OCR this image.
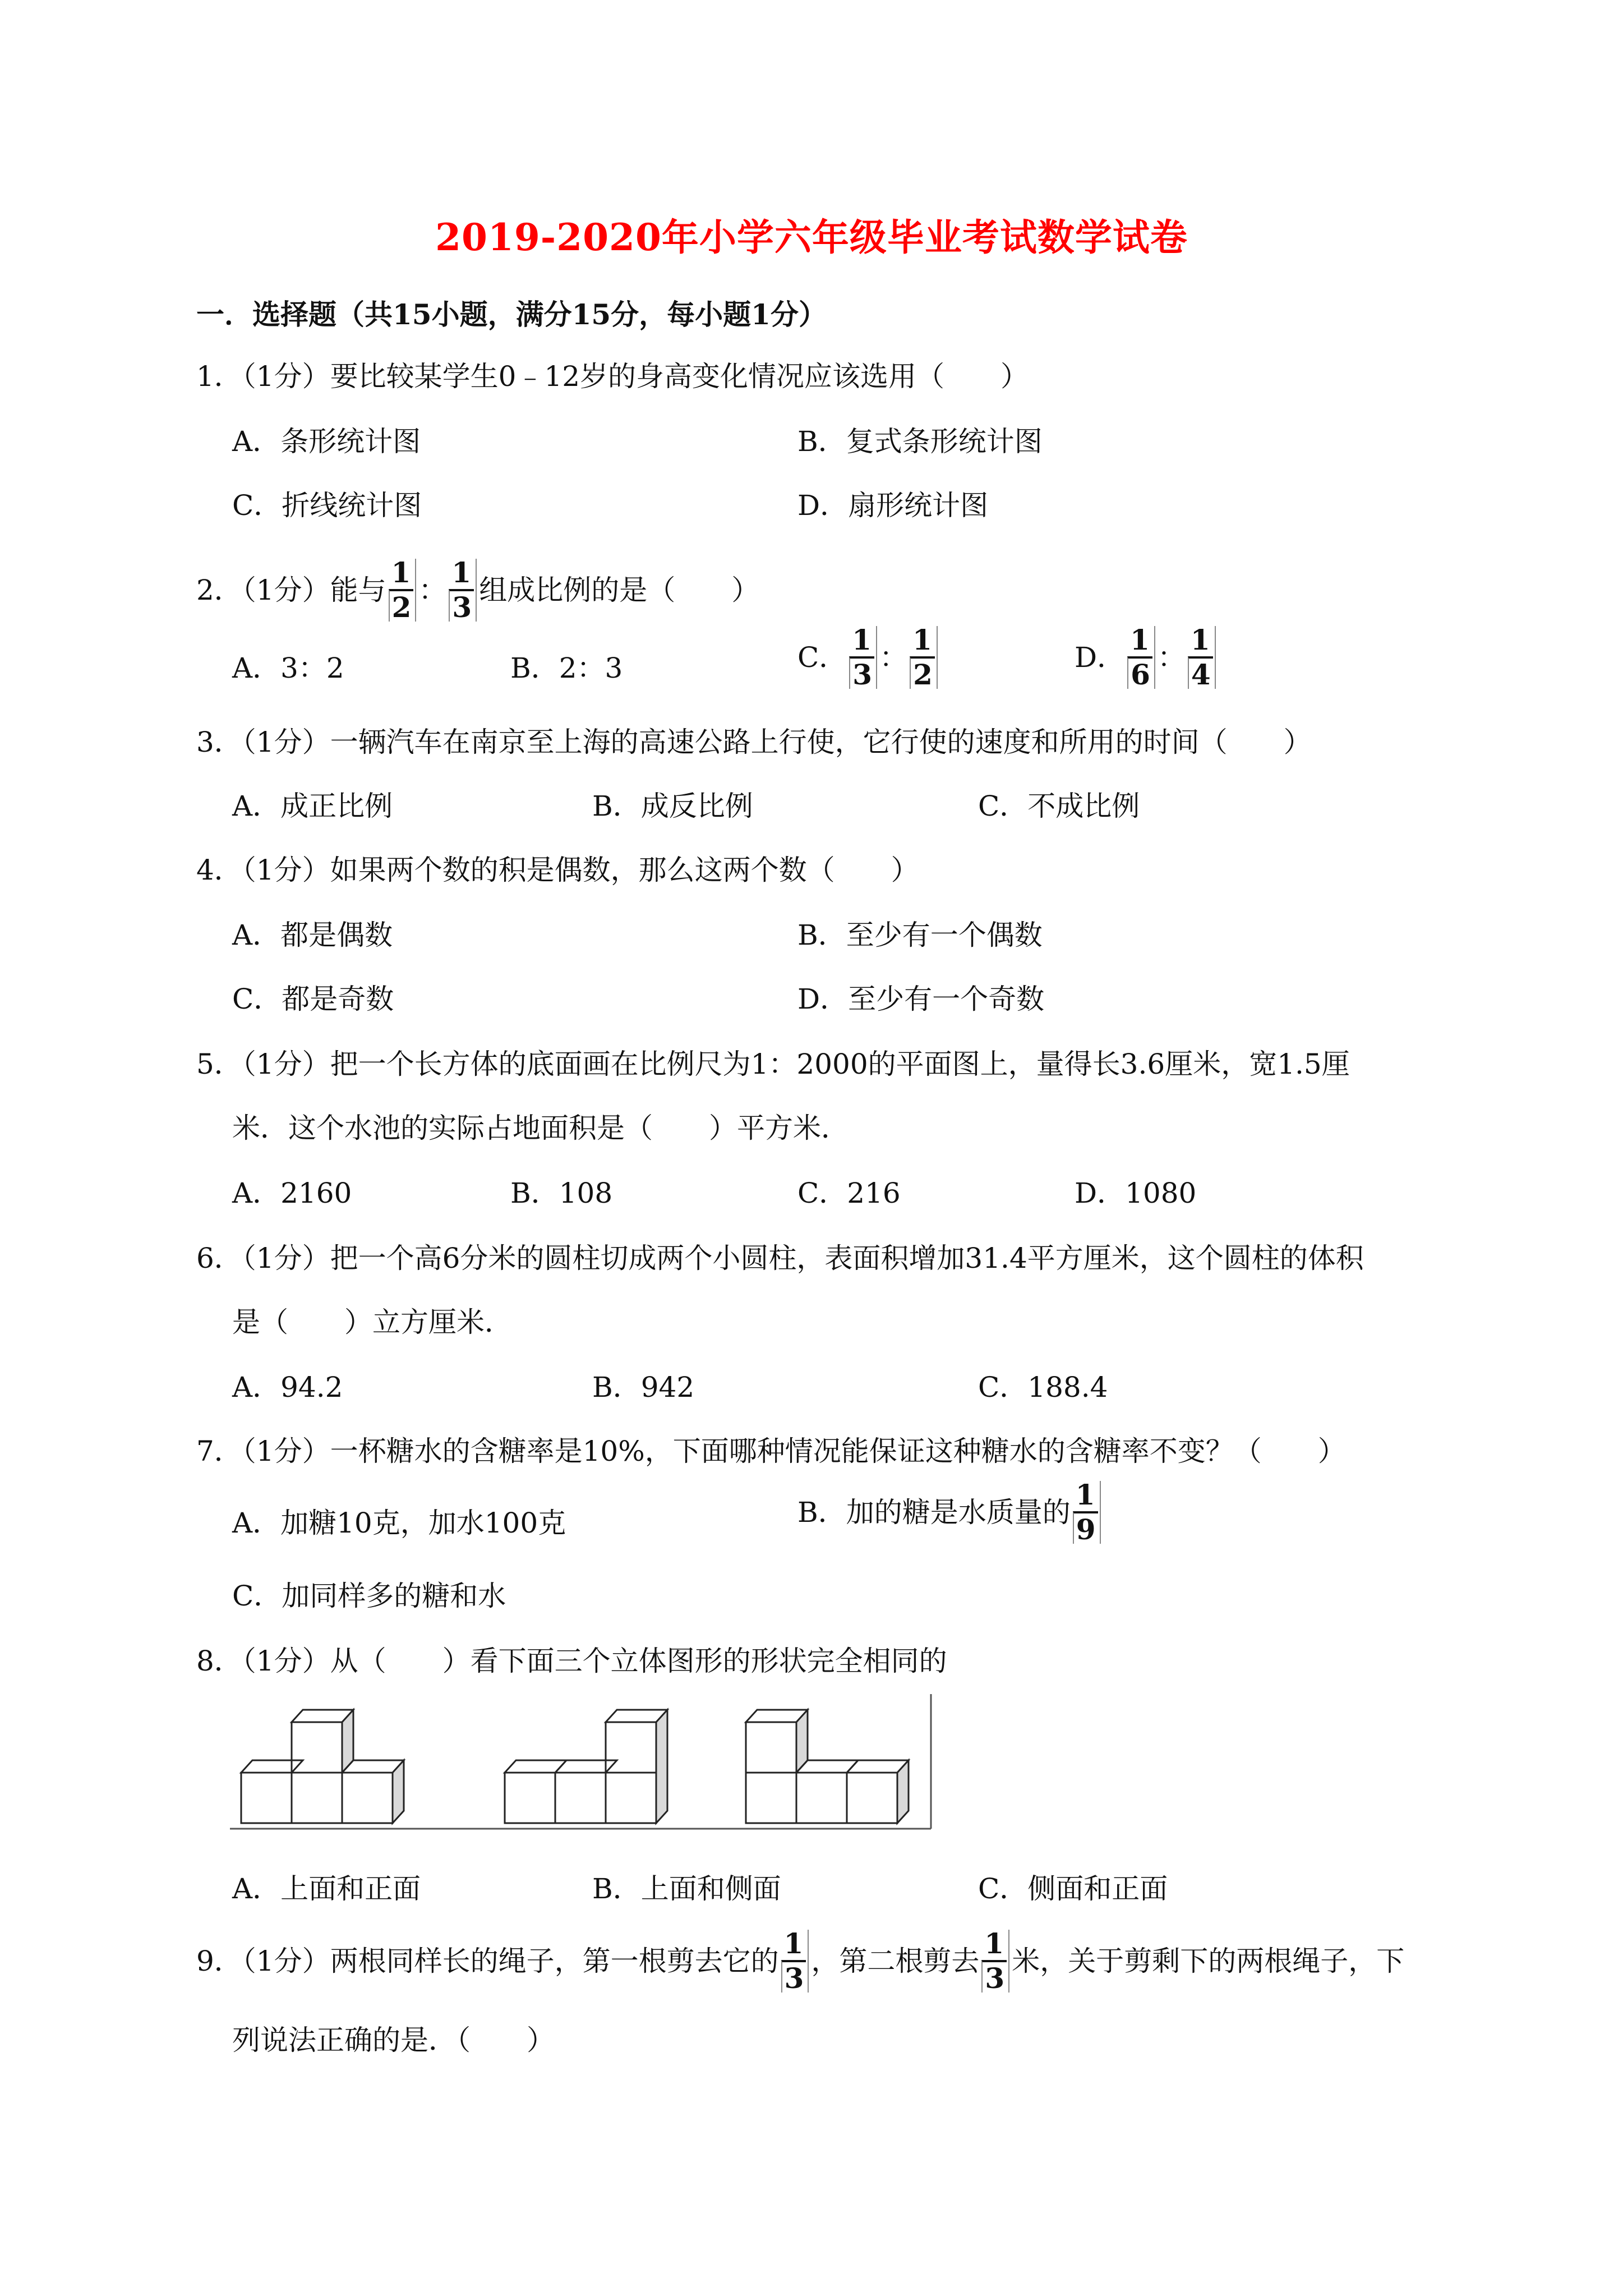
2019-2020年小学六年级毕业考试数学试卷
一．选择题（共15小题，满分15分，每小题1分）
1．（1分）要比较某学生0﹣12岁的身高变化情况应该选用（　　）
A．条形统计图	B．复式条形统计图
C．折线统计图	D．扇形统计图
2．（1分）能与 $\frac{1}{2}$ ： $\frac{1}{3}$ 组成比例的是（　　）
A．3：2	B．2：3	C． $\frac{1}{3}$ ： $\frac{1}{2}$	D． $\frac{1}{6}$ ： $\frac{1}{4}$
3．（1分）一辆汽车在南京至上海的高速公路上行使，它行使的速度和所用的时间（　　）
A．成正比例	B．成反比例	C．不成比例
4．（1分）如果两个数的积是偶数，那么这两个数（　　）
A．都是偶数	B．至少有一个偶数
C．都是奇数	D．至少有一个奇数
5．（1分）把一个长方体的底面画在比例尺为1：2000的平面图上，量得长3.6厘米，宽1.5厘
米．这个水池的实际占地面积是（　　）平方米．
A．2160	B．108	C．216	D．1080
6．（1分）把一个高6分米的圆柱切成两个小圆柱，表面积增加31.4平方厘米，这个圆柱的体积
是（　　）立方厘米．
A．94.2	B．942	C．188.4
7．（1分）一杯糖水的含糖率是10%，下面哪种情况能保证这种糖水的含糖率不变？（　　）
A．加糖10克，加水100克	B．加的糖是水质量的 $\frac{1}{9}$
C．加同样多的糖和水
8．（1分）从（　　）看下面三个立体图形的形状完全相同的
A．上面和正面	B．上面和侧面	C．侧面和正面
9．（1分）两根同样长的绳子，第一根剪去它的 $\frac{1}{3}$ ，第二根剪去 $\frac{1}{3}$ 米，关于剪剩下的两根绳子，下
列说法正确的是．（　　）
